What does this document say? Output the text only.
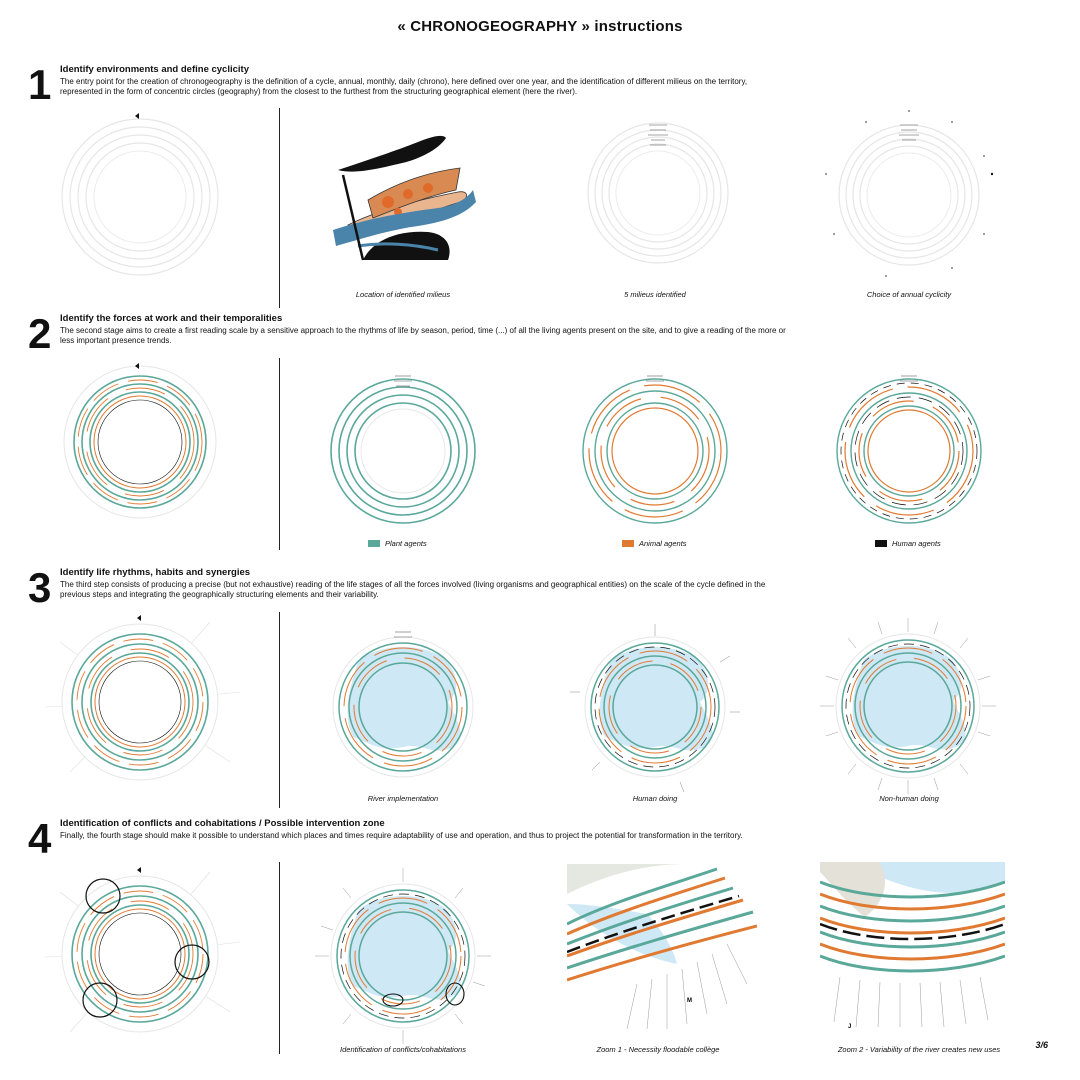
« CHRONOGEOGRAPHY » instructions
1 Identify environments and define cyclicity

The entry point for the creation of chronogeography is the definition of a cycle, annual, monthly, daily (chrono), here defined over one year, and the identification of different milieus on the territory, represented in the form of concentric circles (geography) from the closest to the furthest from the structuring geographical element (here the river).

Location of identified milieus	5 milieus identified	Choice of annual cyclicity
2 Identify the forces at work and their temporalities

The second stage aims to create a first reading scale by a sensitive approach to the rhythms of life by season, period, time (...) of all the living agents present on the site, and to give a reading of the more or less important presence trends.

Plant agents	Animal agents	Human agents
3 Identify life rhythms, habits and synergies

The third step consists of producing a precise (but not exhaustive) reading of the life stages of all the forces involved (living organisms and geographical entities) on the scale of the cycle defined in the previous steps and integrating the geographically structuring elements and their variability.

River implementation	Human doing	Non-human doing
4 Identification of conflicts and cohabitations / Possible intervention zone

Finally, the fourth stage should make it possible to understand which places and times require adaptability of use and operation, and thus to project the potential for transformation in the territory.

M
J
Identification of conflicts/cohabitations	Zoom 1 - Necessity floodable collège	Zoom 2 - Variability of the river creates new uses	3/6
